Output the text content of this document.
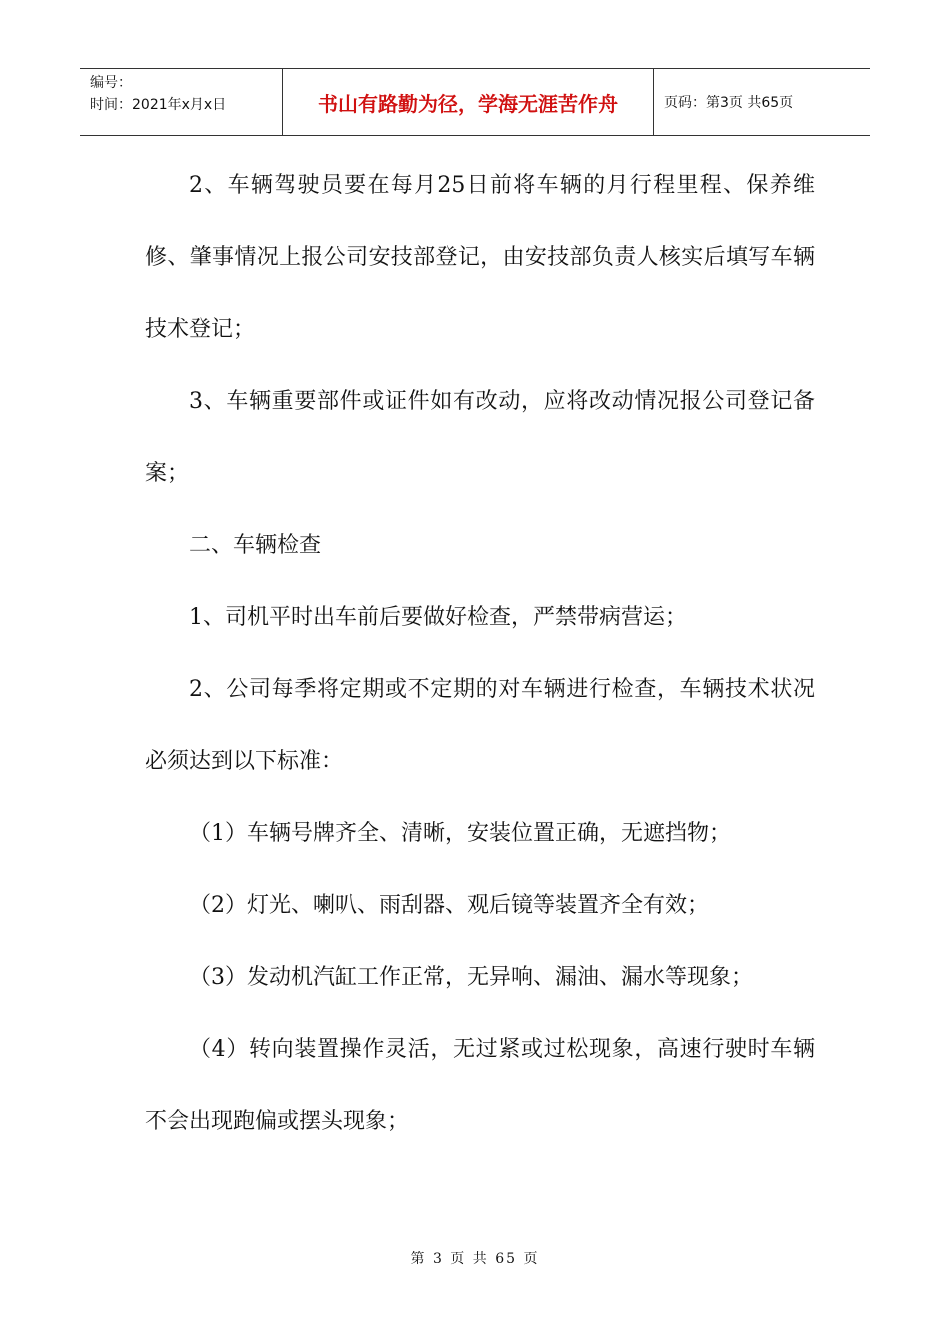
编号：
时间：2021年x月x日	书山有路勤为径，学海无涯苦作舟	页码：第3页 共65页

2、车辆驾驶员要在每月25日前将车辆的月行程里程、保养维修、肇事情况上报公司安技部登记，由安技部负责人核实后填写车辆技术登记；

3、车辆重要部件或证件如有改动，应将改动情况报公司登记备案；

二、车辆检查

1、司机平时出车前后要做好检查，严禁带病营运；

2、公司每季将定期或不定期的对车辆进行检查，车辆技术状况必须达到以下标准：

（1）车辆号牌齐全、清晰，安装位置正确，无遮挡物；

（2）灯光、喇叭、雨刮器、观后镜等装置齐全有效；

（3）发动机汽缸工作正常，无异响、漏油、漏水等现象；

（4）转向装置操作灵活，无过紧或过松现象，高速行驶时车辆不会出现跑偏或摆头现象；

第 3 页 共 65 页
